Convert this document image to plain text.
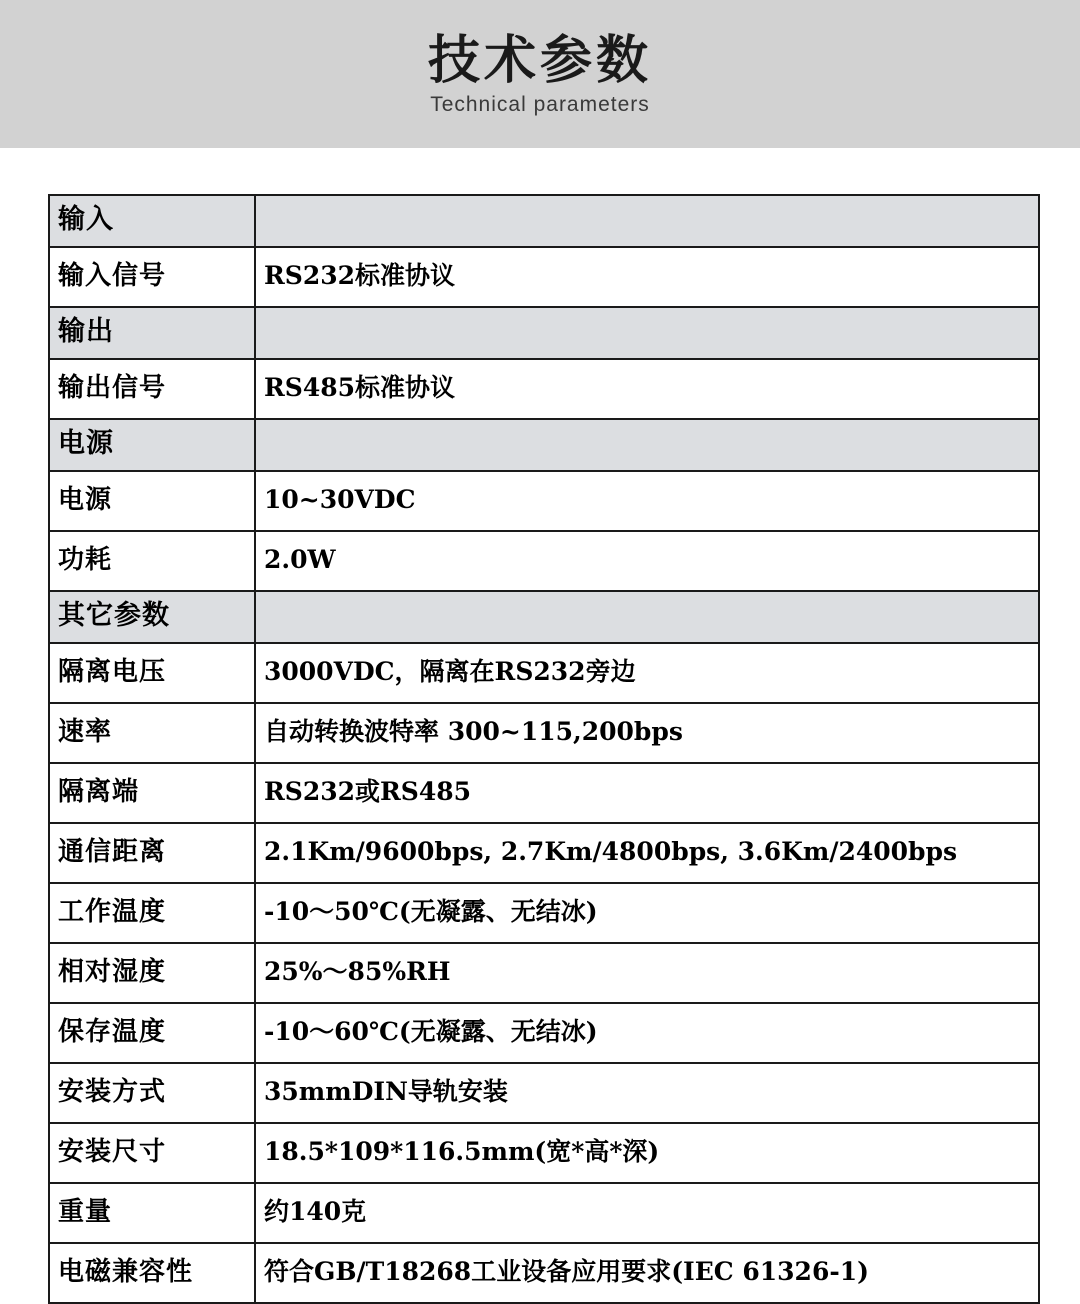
技术参数
Technical parameters
输入	
输入信号	RS232标准协议
输出	
输出信号	RS485标准协议
电源	
电源	10~30VDC
功耗	2.0W
其它参数	
隔离电压	3000VDC，隔离在RS232旁边
速率	自动转换波特率 300~115,200bps
隔离端	RS232或RS485
通信距离	2.1Km/9600bps, 2.7Km/4800bps, 3.6Km/2400bps
工作温度	-10～50℃(无凝露、无结冰)
相对湿度	25%～85%RH
保存温度	-10～60℃(无凝露、无结冰)
安装方式	35mmDIN导轨安装
安装尺寸	18.5*109*116.5mm(宽*高*深)
重量	约140克
电磁兼容性	符合GB/T18268工业设备应用要求(IEC 61326-1)
